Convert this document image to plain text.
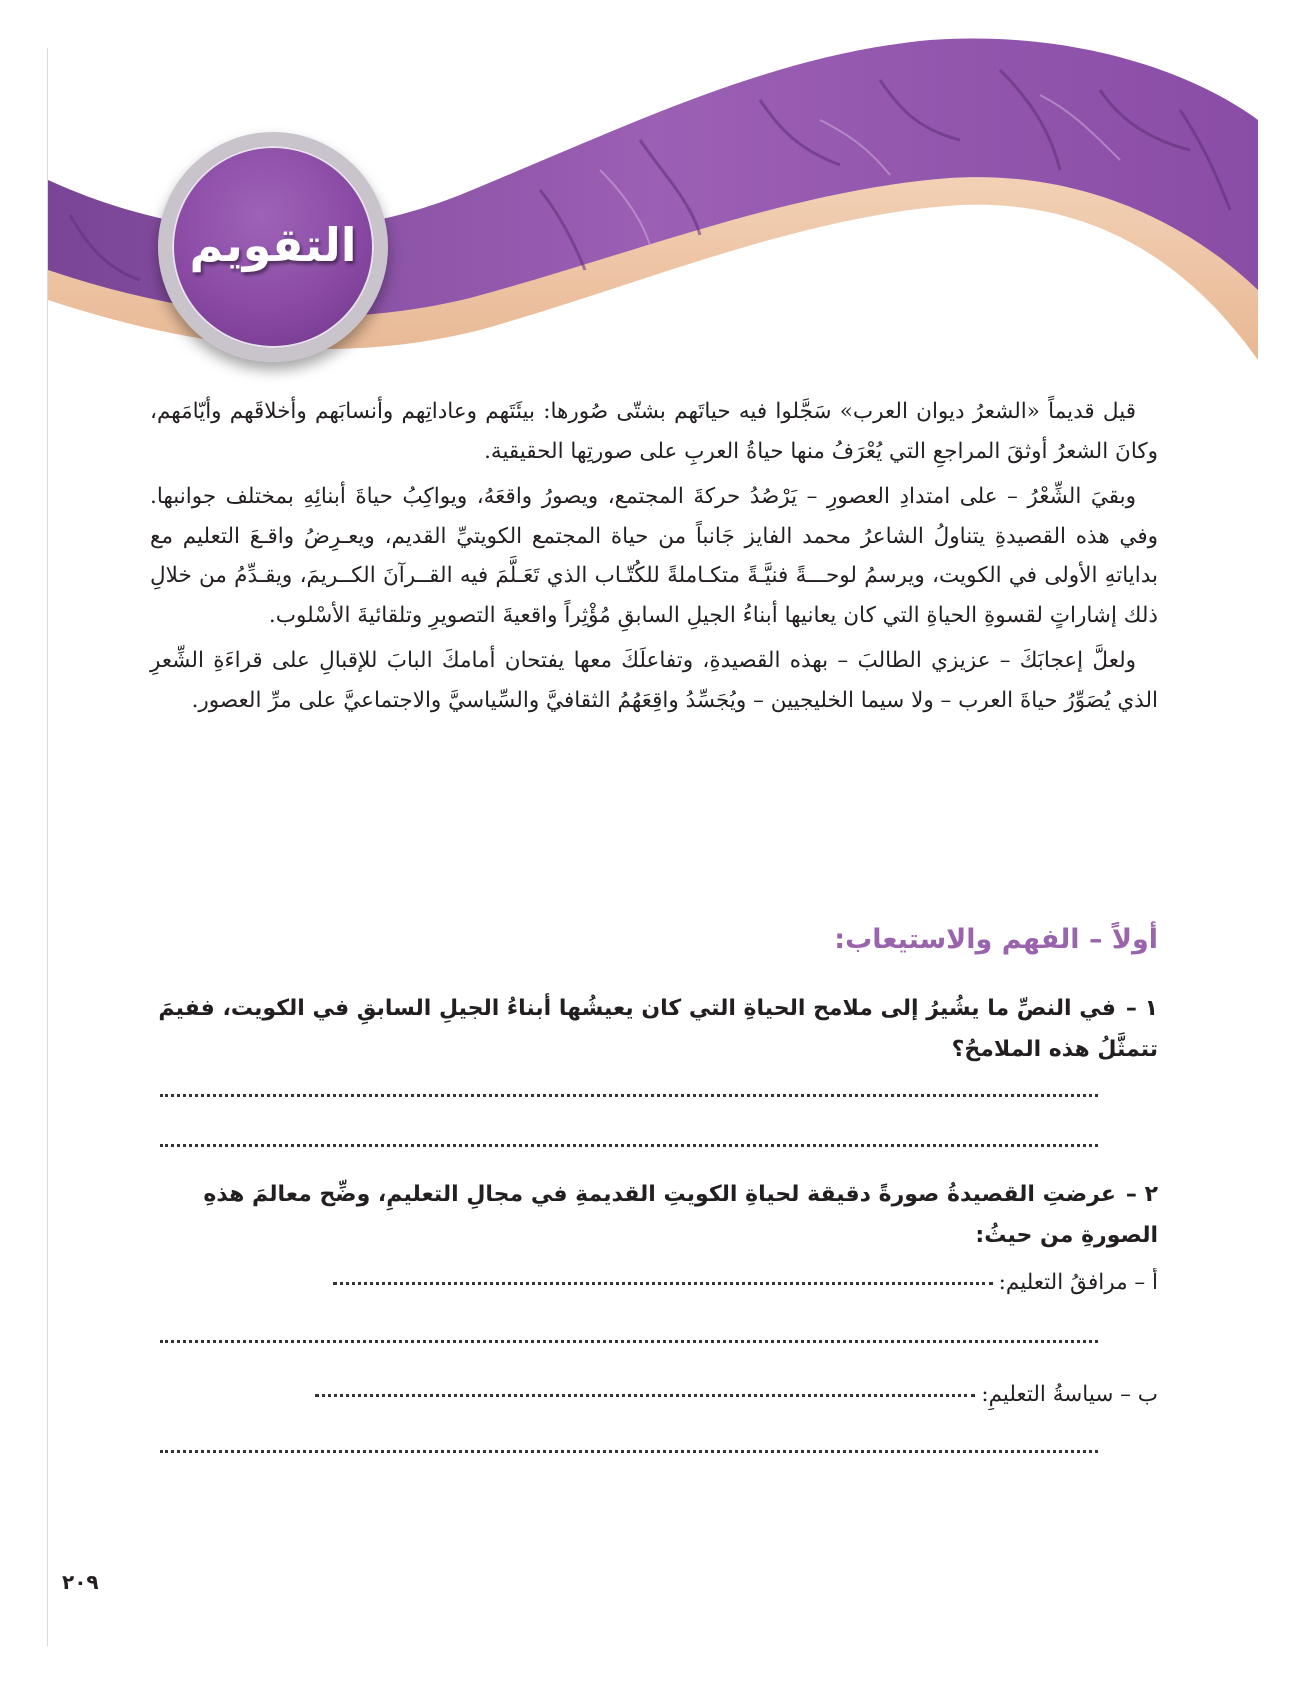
التقويم

قيل قديماً «الشعرُ ديوان العرب» سَجَّلوا فيه حياتَهم بشتّى صُورها: بيئَتَهم وعاداتِهم وأنسابَهم وأخلاقَهم وأيّامَهم، وكانَ الشعرُ أوثقَ المراجعِ التي يُعْرَفُ منها حياةُ العربِ على صورتِها الحقيقية.

وبقيَ الشِّعْرُ – على امتدادِ العصورِ – يَرْصُدُ حركةَ المجتمع، ويصورُ واقعَهُ، ويواكِبُ حياةَ أبنائِهِ بمختلف جوانبها. وفي هذه القصيدةِ يتناولُ الشاعرُ محمد الفايز جَانباً من حياة المجتمع الكويتيِّ القديم، ويعـرِضُ واقـعَ التعليم مع بداياتهِ الأولى في الكويت، ويرسمُ لوحـــةً فنيَّـةً متكـاملةً للكُتّـاب الذي تَعَـلَّمَ فيه القــرآنَ الكــريمَ، ويقـدِّمُ من خلالِ ذلك إشاراتٍ لقسوةِ الحياةِ التي كان يعانيها أبناءُ الجيلِ السابقِ مُؤْثِراً واقعيةَ التصويرِ وتلقائيةَ الأسْلوب.

ولعلَّ إعجابَكَ – عزيزي الطالبَ – بهذه القصيدةِ، وتفاعلَكَ معها يفتحان أمامكَ البابَ للإقبالِ على قراءَةِ الشِّعرِ الذي يُصَوِّرُ حياةَ العرب – ولا سيما الخليجيين – ويُجَسِّدُ واقِعَهُمُ الثقافيَّ والسِّياسيَّ والاجتماعيَّ على مرِّ العصور.

أولاً – الفهم والاستيعاب:
١ –في النصِّ ما يشُيرُ إلى ملامح الحياةِ التي كان يعيشُها أبناءُ الجيلِ السابقِ في الكويت، ففيمَ تتمثَّلُ هذه الملامحُ؟
٢ –عرضتِ القصيدةُ صورةً دقيقة لحياةِ الكويتِ القديمةِ في مجالِ التعليمِ، وضِّح معالمَ هذهِ الصورةِ من حيثُ:
أ – مرافقُ التعليم:
ب – سياسةُ التعليمِ:
٢٠٩
